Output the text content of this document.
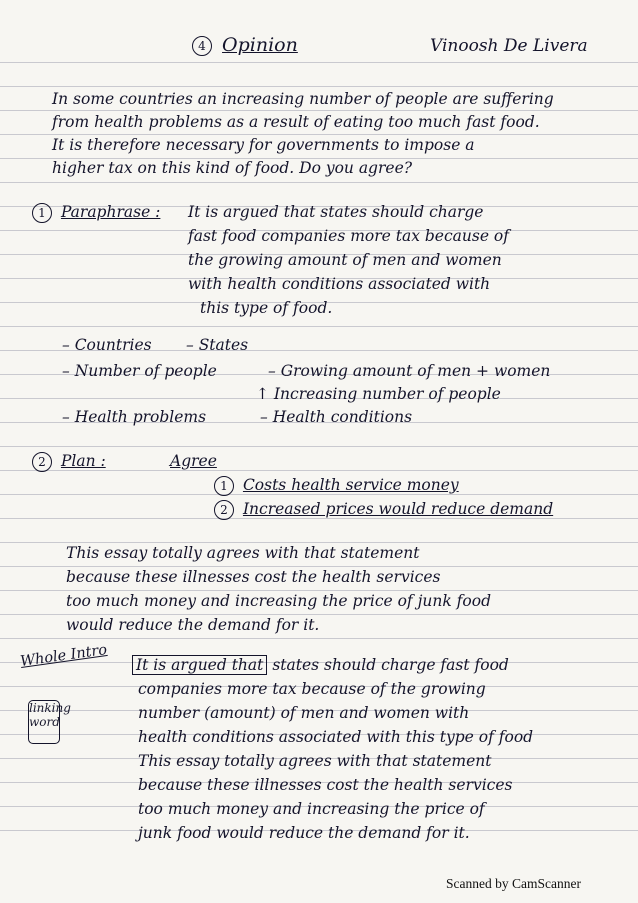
4 Opinion	Vinoosh De Livera
In some countries an increasing number of people are suffering
from health problems as a result of eating too much fast food.
It is therefore necessary for governments to impose a
higher tax on this kind of food. Do you agree?
1 Paraphrase : It is argued that states should charge
fast food companies more tax because of
the growing amount of men and women
with health conditions associated with
this type of food.
– Countries – States
– Number of people	– Growing amount of men + women
↑ Increasing number of people
– Health problems	– Health conditions
2 Plan :	Agree
1 Costs health service money
2 Increased prices would reduce demand
This essay totally agrees with that statement
because these illnesses cost the health services
too much money and increasing the price of junk food
would reduce the demand for it.
Whole Intro
linking word
It is argued that states should charge fast food
companies more tax because of the growing
number (amount) of men and women with
health conditions associated with this type of food
This essay totally agrees with that statement
because these illnesses cost the health services
too much money and increasing the price of
junk food would reduce the demand for it.
Scanned by CamScanner
